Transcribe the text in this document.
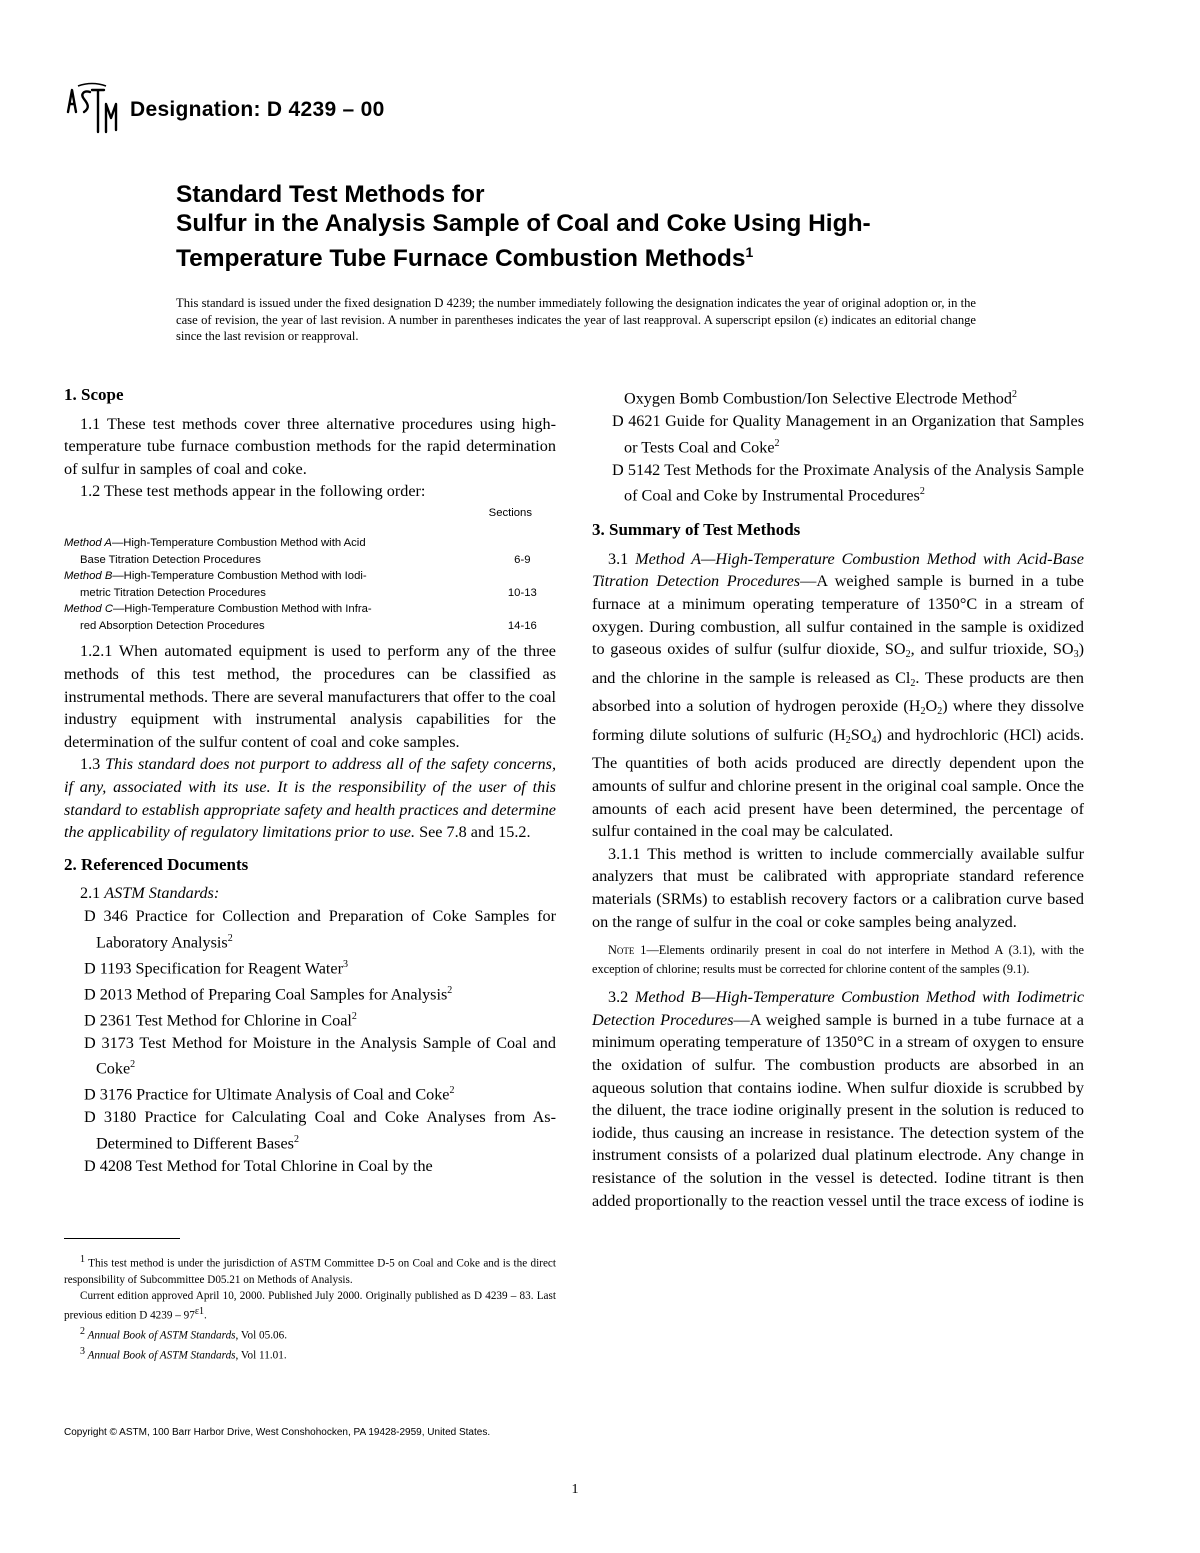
Designation: D 4239 – 00
Standard Test Methods for
Sulfur in the Analysis Sample of Coal and Coke Using High-
Temperature Tube Furnace Combustion Methods$^1$
This standard is issued under the fixed designation D 4239; the number immediately following the designation indicates the year of original adoption or, in the case of revision, the year of last revision. A number in parentheses indicates the year of last reapproval. A superscript epsilon (ε) indicates an editorial change since the last revision or reapproval.

1. Scope

1.1 These test methods cover three alternative procedures using high-temperature tube furnace combustion methods for the rapid determination of sulfur in samples of coal and coke.

1.2 These test methods appear in the following order:

	Sections
Method A—High-Temperature Combustion Method with Acid	
Base Titration Detection Procedures	6-9
Method B—High-Temperature Combustion Method with Iodi-	
metric Titration Detection Procedures	10-13
Method C—High-Temperature Combustion Method with Infra-	
red Absorption Detection Procedures	14-16

1.2.1 When automated equipment is used to perform any of the three methods of this test method, the procedures can be classified as instrumental methods. There are several manufacturers that offer to the coal industry equipment with instrumental analysis capabilities for the determination of the sulfur content of coal and coke samples.

1.3 This standard does not purport to address all of the safety concerns, if any, associated with its use. It is the responsibility of the user of this standard to establish appropriate safety and health practices and determine the applicability of regulatory limitations prior to use. See 7.8 and 15.2.

2. Referenced Documents

2.1 ASTM Standards:

D 346 Practice for Collection and Preparation of Coke Samples for Laboratory Analysis$^2$

D 1193 Specification for Reagent Water$^3$

D 2013 Method of Preparing Coal Samples for Analysis$^2$

D 2361 Test Method for Chlorine in Coal$^2$

D 3173 Test Method for Moisture in the Analysis Sample of Coal and Coke$^2$

D 3176 Practice for Ultimate Analysis of Coal and Coke$^2$

D 3180 Practice for Calculating Coal and Coke Analyses from As-Determined to Different Bases$^2$

D 4208 Test Method for Total Chlorine in Coal by the

$^1$ This test method is under the jurisdiction of ASTM Committee D-5 on Coal and Coke and is the direct responsibility of Subcommittee D05.21 on Methods of Analysis.

Current edition approved April 10, 2000. Published July 2000. Originally published as D 4239 – 83. Last previous edition D $4239 - 97^{\varepsilon 1}$.

$^2$ Annual Book of ASTM Standards, Vol 05.06.

$^3$ Annual Book of ASTM Standards, Vol 11.01.

Oxygen Bomb Combustion/Ion Selective Electrode Method$^2$

D 4621 Guide for Quality Management in an Organization that Samples or Tests Coal and Coke$^2$

D 5142 Test Methods for the Proximate Analysis of the Analysis Sample of Coal and Coke by Instrumental Procedures$^2$

3. Summary of Test Methods

3.1 Method A—High-Temperature Combustion Method with Acid-Base Titration Detection Procedures—A weighed sample is burned in a tube furnace at a minimum operating temperature of 1350°C in a stream of oxygen. During combustion, all sulfur contained in the sample is oxidized to gaseous oxides of sulfur (sulfur dioxide, $SO_2$, and sulfur trioxide, $SO_3$) and the chlorine in the sample is released as $Cl_2$. These products are then absorbed into a solution of hydrogen peroxide $(H_2O_2)$ where they dissolve forming dilute solutions of sulfuric $(H_2SO_4)$ and hydrochloric (HCl) acids. The quantities of both acids produced are directly dependent upon the amounts of sulfur and chlorine present in the original coal sample. Once the amounts of each acid present have been determined, the percentage of sulfur contained in the coal may be calculated.

3.1.1 This method is written to include commercially available sulfur analyzers that must be calibrated with appropriate standard reference materials (SRMs) to establish recovery factors or a calibration curve based on the range of sulfur in the coal or coke samples being analyzed.

Note 1—Elements ordinarily present in coal do not interfere in Method A (3.1), with the exception of chlorine; results must be corrected for chlorine content of the samples (9.1).

3.2 Method B—High-Temperature Combustion Method with Iodimetric Detection Procedures—A weighed sample is burned in a tube furnace at a minimum operating temperature of 1350°C in a stream of oxygen to ensure the oxidation of sulfur. The combustion products are absorbed in an aqueous solution that contains iodine. When sulfur dioxide is scrubbed by the diluent, the trace iodine originally present in the solution is reduced to iodide, thus causing an increase in resistance. The detection system of the instrument consists of a polarized dual platinum electrode. Any change in resistance of the solution in the vessel is detected. Iodine titrant is then added proportionally to the reaction vessel until the trace excess of iodine is

Copyright © ASTM, 100 Barr Harbor Drive, West Conshohocken, PA 19428-2959, United States.
1
